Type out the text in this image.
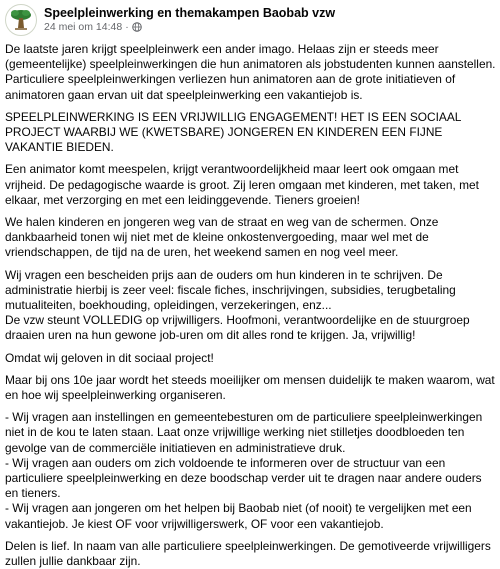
Speelpleinwerking en themakampen Baobab vzw
24 mei om 14:48 ·

De laatste jaren krijgt speelpleinwerk een ander imago. Helaas zijn er steeds meer (gemeentelijke) speelpleinwerkingen die hun animatoren als jobstudenten kunnen aanstellen. Particuliere speelpleinwerkingen verliezen hun animatoren aan de grote initiatieven of animatoren gaan ervan uit dat speelpleinwerking een vakantiejob is.

SPEELPLEINWERKING IS EEN VRIJWILLIG ENGAGEMENT! HET IS EEN SOCIAAL PROJECT WAARBIJ WE (KWETSBARE) JONGEREN EN KINDEREN EEN FIJNE VAKANTIE BIEDEN.

Een animator komt meespelen, krijgt verantwoordelijkheid maar leert ook omgaan met vrijheid. De pedagogische waarde is groot. Zij leren omgaan met kinderen, met taken, met elkaar, met verzorging en met een leidinggevende. Tieners groeien!

We halen kinderen en jongeren weg van de straat en weg van de schermen. Onze dankbaarheid tonen wij niet met de kleine onkostenvergoeding, maar wel met de vriendschappen, de tijd na de uren, het weekend samen en nog veel meer.

Wij vragen een bescheiden prijs aan de ouders om hun kinderen in te schrijven. De administratie hierbij is zeer veel: fiscale fiches, inschrijvingen, subsidies, terugbetaling mutualiteiten, boekhouding, opleidingen, verzekeringen, enz...
De vzw steunt VOLLEDIG op vrijwilligers. Hoofmoni, verantwoordelijke en de stuurgroep draaien uren na hun gewone job-uren om dit alles rond te krijgen. Ja, vrijwillig!

Omdat wij geloven in dit sociaal project!

Maar bij ons 10e jaar wordt het steeds moeilijker om mensen duidelijk te maken waarom, wat en hoe wij speelpleinwerking organiseren.

- Wij vragen aan instellingen en gemeentebesturen om de particuliere speelpleinwerkingen niet in de kou te laten staan. Laat onze vrijwillige werking niet stilletjes doodbloeden ten gevolge van de commerciële initiatieven en administratieve druk.
- Wij vragen aan ouders om zich voldoende te informeren over de structuur van een particuliere speelpleinwerking en deze boodschap verder uit te dragen naar andere ouders en tieners.
- Wij vragen aan jongeren om het helpen bij Baobab niet (of nooit) te vergelijken met een vakantiejob. Je kiest OF voor vrijwilligerswerk, OF voor een vakantiejob.

Delen is lief. In naam van alle particuliere speelpleinwerkingen. De gemotiveerde vrijwilligers zullen jullie dankbaar zijn.
